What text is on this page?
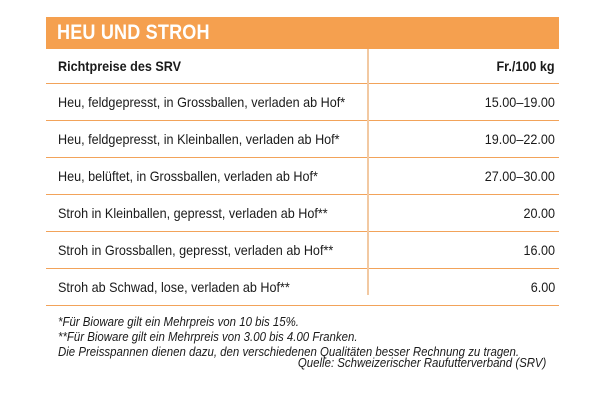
HEU UND STROH
Richtpreise des SRV	Fr./100 kg
Heu, feldgepresst, in Grossballen, verladen ab Hof*	15.00–19.00
Heu, feldgepresst, in Kleinballen, verladen ab Hof*	19.00–22.00
Heu, belüftet, in Grossballen, verladen ab Hof*	27.00–30.00
Stroh in Kleinballen, gepresst, verladen ab Hof**	20.00
Stroh in Grossballen, gepresst, verladen ab Hof**	16.00
Stroh ab Schwad, lose, verladen ab Hof**	6.00
*Für Bioware gilt ein Mehrpreis von 10 bis 15%.
**Für Bioware gilt ein Mehrpreis von 3.00 bis 4.00 Franken.
Die Preisspannen dienen dazu, den verschiedenen Qualitäten besser Rechnung zu tragen.
Quelle: Schweizerischer Raufutterverband (SRV)
